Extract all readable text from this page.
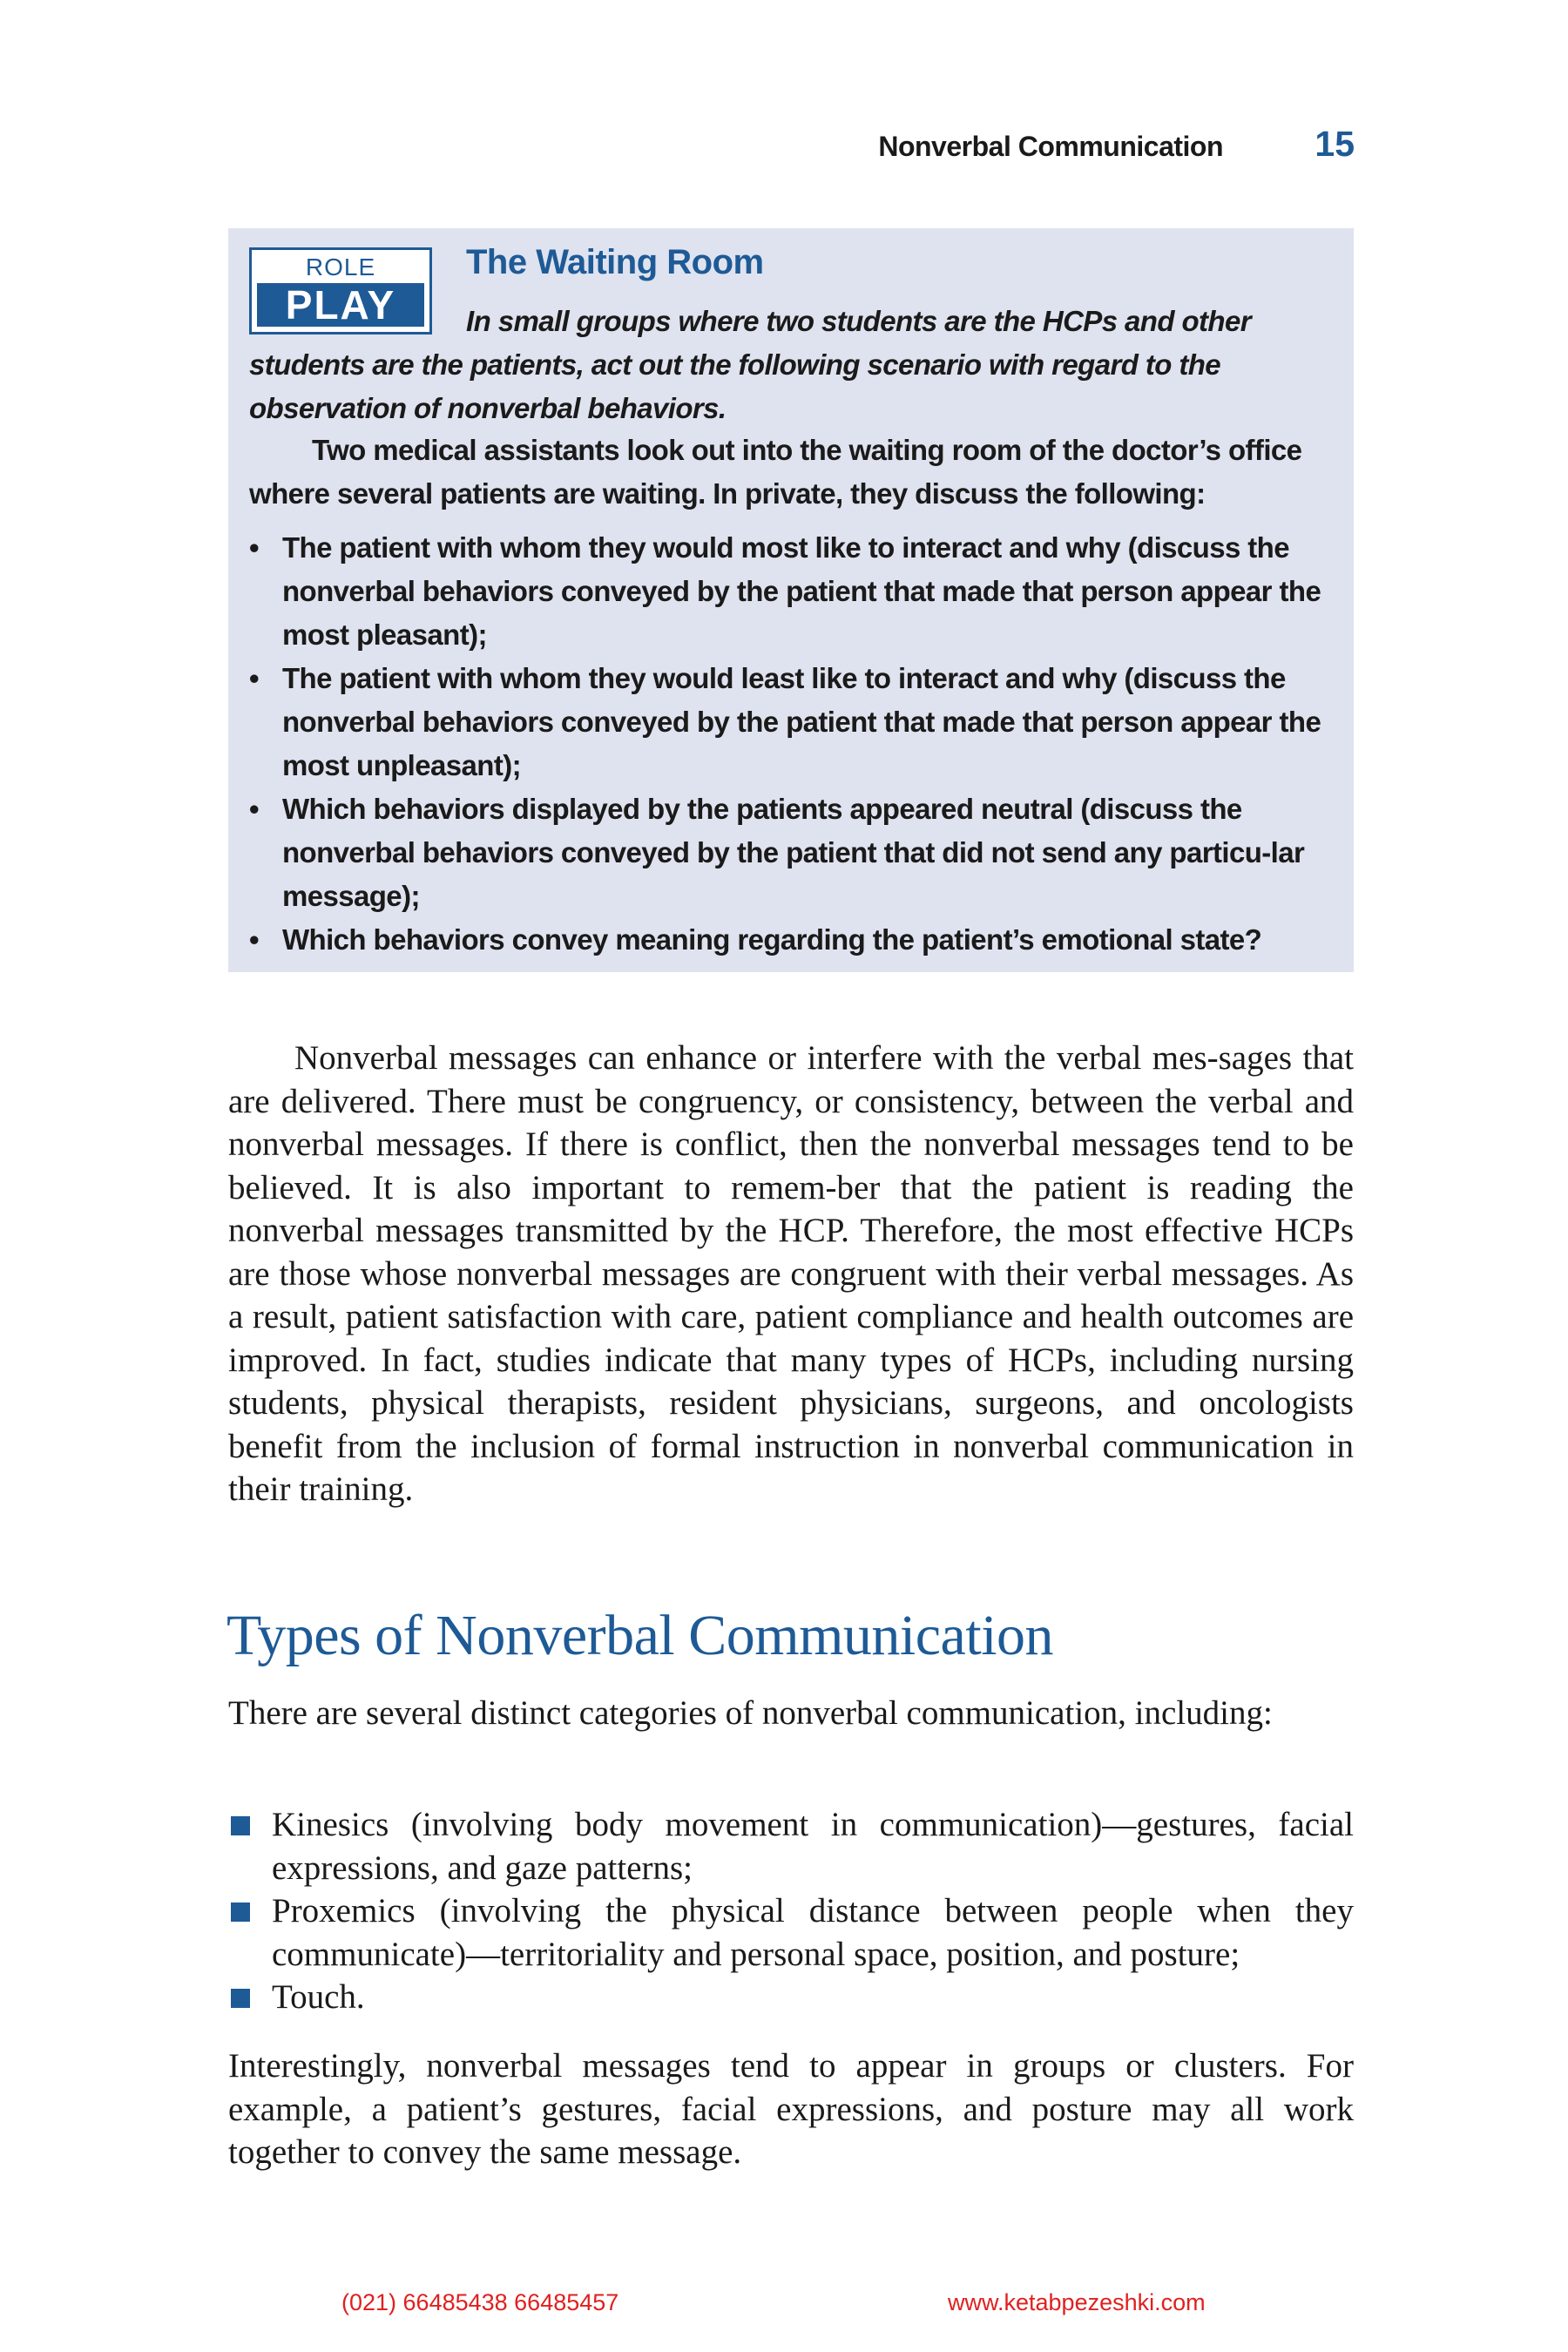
Nonverbal Communication	15
ROLE
PLAY
The Waiting Room

In small groups where two students are the HCPs and other students are the patients, act out the following scenario with regard to the observation of nonverbal behaviors.

Two medical assistants look out into the waiting room of the doctor’s office where several patients are waiting. In private, they discuss the following:

• The patient with whom they would most like to interact and why (discuss the nonverbal behaviors conveyed by the patient that made that person appear the most pleasant);
• The patient with whom they would least like to interact and why (discuss the nonverbal behaviors conveyed by the patient that made that person appear the most unpleasant);
• Which behaviors displayed by the patients appeared neutral (discuss the nonverbal behaviors conveyed by the patient that did not send any particu-lar message);
• Which behaviors convey meaning regarding the patient’s emotional state?

Nonverbal messages can enhance or interfere with the verbal mes-sages that are delivered. There must be congruency, or consistency, between the verbal and nonverbal messages. If there is conflict, then the nonverbal messages tend to be believed. It is also important to remem-ber that the patient is reading the nonverbal messages transmitted by the HCP. Therefore, the most effective HCPs are those whose nonverbal messages are congruent with their verbal messages. As a result, patient satisfaction with care, patient compliance and health outcomes are improved. In fact, studies indicate that many types of HCPs, including nursing students, physical therapists, resident physicians, surgeons, and oncologists benefit from the inclusion of formal instruction in nonverbal communication in their training.

Types of Nonverbal Communication

There are several distinct categories of nonverbal communication, including:

Kinesics (involving body movement in communication)—gestures, facial expressions, and gaze patterns;
Proxemics (involving the physical distance between people when they communicate)—territoriality and personal space, position, and posture;
Touch.

Interestingly, nonverbal messages tend to appear in groups or clusters. For example, a patient’s gestures, facial expressions, and posture may all work together to convey the same message.

(021) 66485438 66485457	www.ketabpezeshki.com
